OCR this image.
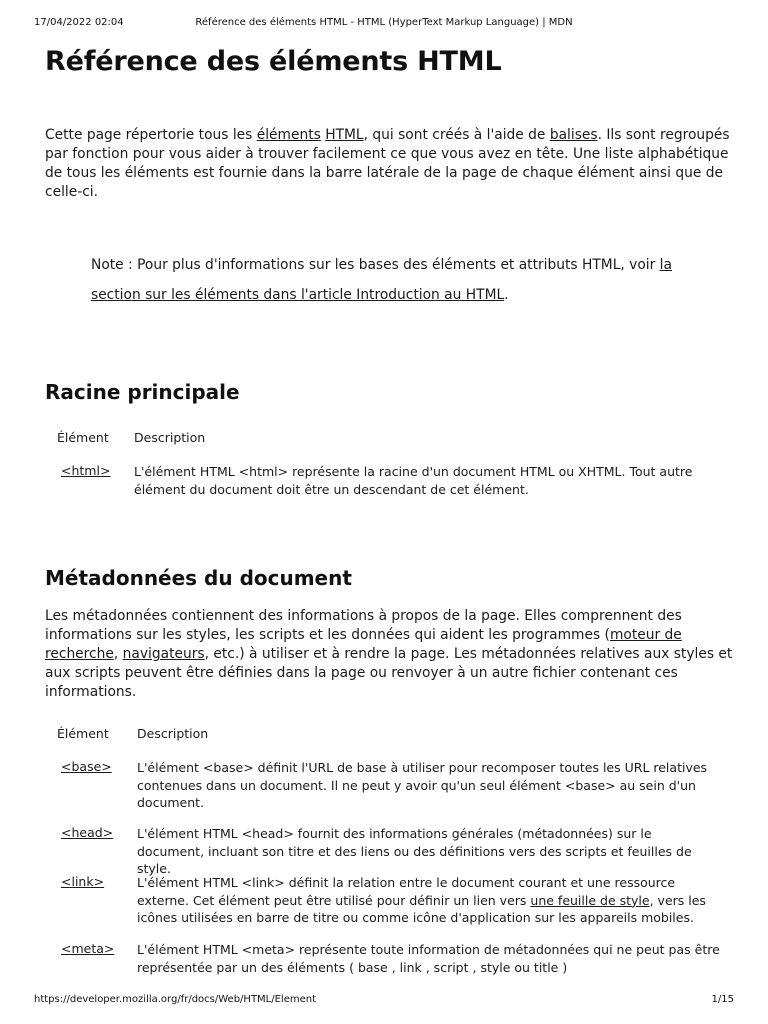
17/04/2022 02:04	Référence des éléments HTML - HTML (HyperText Markup Language) | MDN
Référence des éléments HTML

Cette page répertorie tous les éléments HTML, qui sont créés à l'aide de balises. Ils sont regroupés par fonction pour vous aider à trouver facilement ce que vous avez en tête. Une liste alphabétique de tous les éléments est fournie dans la barre latérale de la page de chaque élément ainsi que de celle-ci.

Note : Pour plus d'informations sur les bases des éléments et attributs HTML, voir la section sur les éléments dans l'article Introduction au HTML.

Racine principale
Élément Description
<html> L'élément HTML <html> représente la racine d'un document HTML ou XHTML. Tout autre élément du document doit être un descendant de cet élément.
Métadonnées du document

Les métadonnées contiennent des informations à propos de la page. Elles comprennent des informations sur les styles, les scripts et les données qui aident les programmes (moteur de recherche, navigateurs, etc.) à utiliser et à rendre la page. Les métadonnées relatives aux styles et aux scripts peuvent être définies dans la page ou renvoyer à un autre fichier contenant ces informations.

Élément Description
<base> L'élément <base> définit l'URL de base à utiliser pour recomposer toutes les URL relatives contenues dans un document. Il ne peut y avoir qu'un seul élément <base> au sein d'un document.
<head> L'élément HTML <head> fournit des informations générales (métadonnées) sur le document, incluant son titre et des liens ou des définitions vers des scripts et feuilles de style.
<link>	L'élément HTML <link> définit la relation entre le document courant et une ressource externe. Cet élément peut être utilisé pour définir un lien vers une feuille de style, vers les icônes utilisées en barre de titre ou comme icône d'application sur les appareils mobiles.
<meta> L'élément HTML <meta> représente toute information de métadonnées qui ne peut pas être représentée par un des éléments ( base , link , script , style ou title )
https://developer.mozilla.org/fr/docs/Web/HTML/Element	1/15
